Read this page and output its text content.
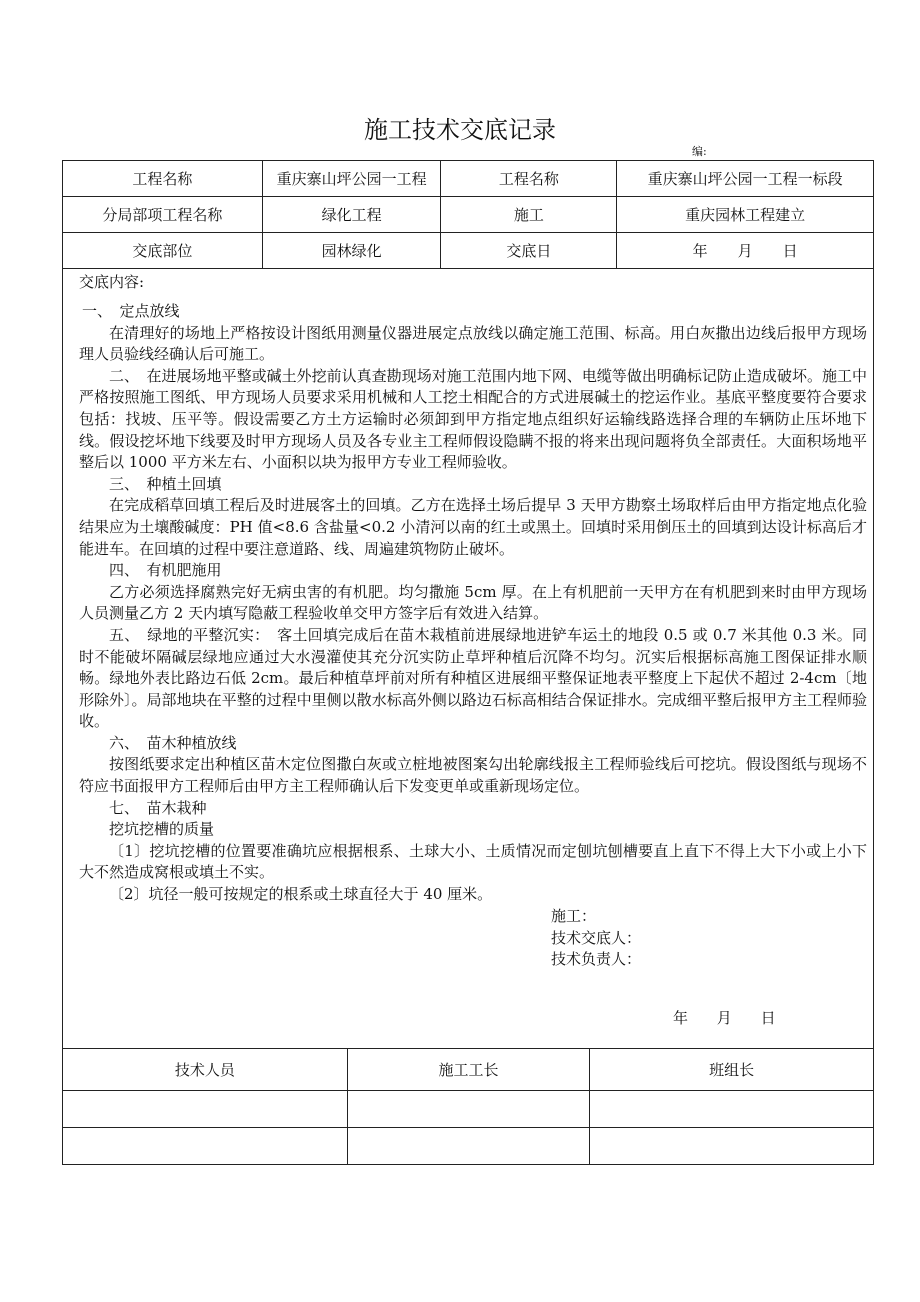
施工技术交底记录
编:
工程名称	重庆寨山坪公园一工程	工程名称	重庆寨山坪公园一工程一标段
分局部项工程名称	绿化工程	施工	重庆园林工程建立
交底部位	园林绿化	交底日	年　　月　　日
交底内容:

一、　定点放线

在清理好的场地上严格按设计图纸用测量仪器进展定点放线以确定施工范围、标高。用白灰撒出边线后报甲方现场理人员验线经确认后可施工。

二、　在进展场地平整或碱土外挖前认真查勘现场对施工范围内地下网、电缆等做出明确标记防止造成破坏。施工中严格按照施工图纸、甲方现场人员要求采用机械和人工挖土相配合的方式进展碱土的挖运作业。基底平整度要符合要求包括：找坡、压平等。假设需要乙方土方运输时必须卸到甲方指定地点组织好运输线路选择合理的车辆防止压坏地下线。假设挖坏地下线要及时甲方现场人员及各专业主工程师假设隐瞒不报的将来出现问题将负全部责任。大面积场地平整后以 1000 平方米左右、小面积以块为报甲方专业工程师验收。

三、　种植土回填

在完成稻草回填工程后及时进展客土的回填。乙方在选择土场后提早 3 天甲方勘察土场取样后由甲方指定地点化验结果应为土壤酸碱度：PH 值<8.6 含盐量<0.2 小清河以南的红土或黑土。回填时采用倒压土的回填到达设计标高后才能进车。在回填的过程中要注意道路、线、周遍建筑物防止破坏。

四、　有机肥施用

乙方必须选择腐熟完好无病虫害的有机肥。均匀撒施 5cm 厚。在上有机肥前一天甲方在有机肥到来时由甲方现场人员测量乙方 2 天内填写隐蔽工程验收单交甲方签字后有效进入结算。

五、　绿地的平整沉实：　客土回填完成后在苗木栽植前进展绿地进铲车运土的地段 0.5 或 0.7 米其他 0.3 米。同时不能破坏隔碱层绿地应通过大水漫灌使其充分沉实防止草坪种植后沉降不均匀。沉实后根据标高施工图保证排水顺畅。绿地外表比路边石低 2cm。最后种植草坪前对所有种植区进展细平整保证地表平整度上下起伏不超过 2-4cm〔地形除外〕。局部地块在平整的过程中里侧以散水标高外侧以路边石标高相结合保证排水。完成细平整后报甲方主工程师验收。

六、　苗木种植放线

按图纸要求定出种植区苗木定位图撒白灰或立桩地被图案勾出轮廓线报主工程师验线后可挖坑。假设图纸与现场不符应书面报甲方工程师后由甲方主工程师确认后下发变更单或重新现场定位。

七、　苗木栽种

挖坑挖槽的质量

〔1〕挖坑挖槽的位置要准确坑应根据根系、土球大小、土质情况而定刨坑刨槽要直上直下不得上大下小或上小下大不然造成窝根或填土不实。

〔2〕坑径一般可按规定的根系或土球直径大于 40 厘米。

施工：
技术交底人：
技术负责人：
年 月 日
技术人员	施工工长	班组长
